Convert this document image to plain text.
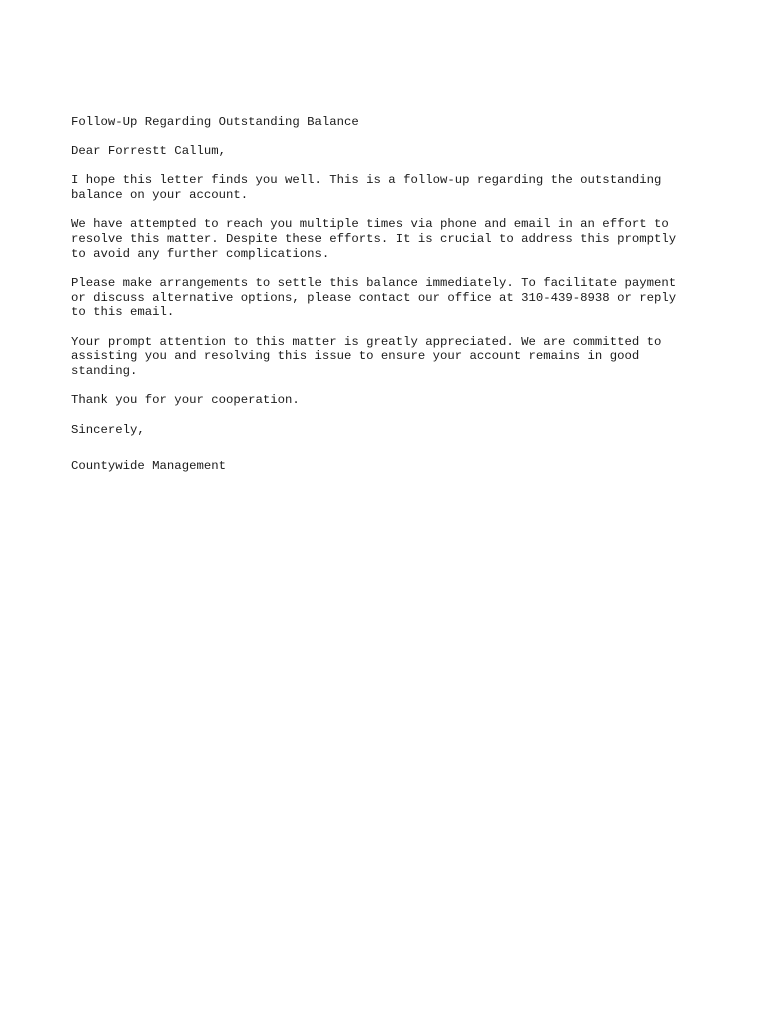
Follow-Up Regarding Outstanding Balance

Dear Forrestt Callum,

I hope this letter finds you well. This is a follow-up regarding the outstanding

balance on your account.

We have attempted to reach you multiple times via phone and email in an effort to

resolve this matter. Despite these efforts. It is crucial to address this promptly

to avoid any further complications.

Please make arrangements to settle this balance immediately. To facilitate payment

or discuss alternative options, please contact our office at 310-439-8938 or reply

to this email.

Your prompt attention to this matter is greatly appreciated. We are committed to

assisting you and resolving this issue to ensure your account remains in good

standing.

Thank you for your cooperation.

Sincerely,

Countywide Management
